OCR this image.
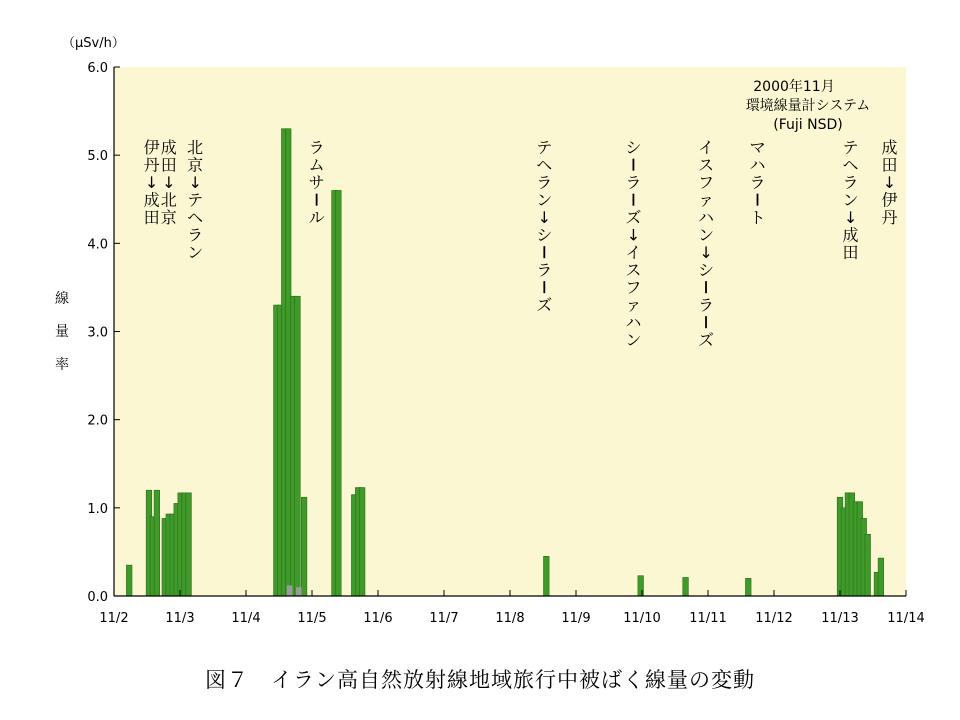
0.0
1.0
2.0
3.0
4.0
5.0
6.0
11/2	11/3	11/4	11/5	11/6	11/7	11/8	11/9	11/10 11/11 11/12 11/13 11/14
（μSv/h）
線
量
率
2000年11月
環境線量計システム
(Fuji NSD)
伊
丹
↓
成
田
成
田
↓
北
京
北
京
↓
テ
ヘ
ラ
ン
ラ
ム
サ
ル
テ
ヘ
ラ
ン
↓
シ
ラ
ズ
シ
ラ
ズ
↓
イ
ス
フ
ァ
ハ
ン
イ
ス
フ
ァ
ハ
ン
↓
シ
ラ
ズ
マ
ハ
ラ
ト
テ
ヘ
ラ
ン
↓
成
田
成
田
↓
伊
丹
図７　イラン高自然放射線地域旅行中被ばく線量の変動
